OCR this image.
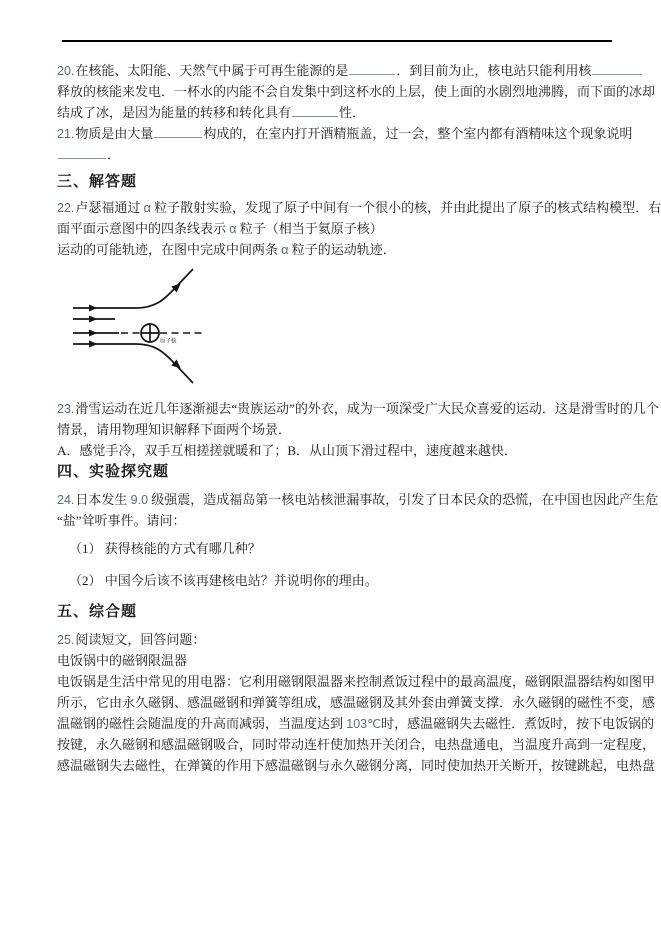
20.在核能、太阳能、天然气中属于可再生能源的是	．到目前为止，核电站只能利用核
释放的核能来发电．一杯水的内能不会自发集中到这杯水的上层，使上面的水剧烈地沸腾，而下面的冰却
结成了冰，是因为能量的转移和转化具有	性．
21.物质是由大量	构成的，在室内打开酒精瓶盖，过一会，整个室内都有酒精味这个现象说明
．
三、解答题
22.卢瑟福通过 α 粒子散射实验，发现了原子中间有一个很小的核，并由此提出了原子的核式结构模型．右
面平面示意图中的四条线表示 α 粒子（相当于氦原子核）
运动的可能轨迹，在图中完成中间两条 α 粒子的运动轨迹．
原子核
23.滑雪运动在近几年逐渐褪去“贵族运动”的外衣，成为一项深受广大民众喜爱的运动．这是滑雪时的几个
情景，请用物理知识解释下面两个场景．
A．感觉手冷，双手互相搓搓就暖和了；B．从山顶下滑过程中，速度越来越快．
四、实验探究题
24.日本发生 9.0 级强震，造成福岛第一核电站核泄漏事故，引发了日本民众的恐慌，在中国也因此产生危
“盐”耸听事件。请问：
（1） 获得核能的方式有哪几种？
（2） 中国今后该不该再建核电站？并说明你的理由。
五、综合题
25.阅读短文，回答问题：
电饭锅中的磁钢限温器
电饭锅是生活中常见的用电器：它利用磁钢限温器来控制煮饭过程中的最高温度，磁钢限温器结构如图甲
所示，它由永久磁钢、感温磁钢和弹簧等组成，感温磁钢及其外套由弹簧支撑．永久磁钢的磁性不变，感
温磁钢的磁性会随温度的升高而减弱，当温度达到 103℃时，感温磁钢失去磁性．煮饭时，按下电饭锅的
按键，永久磁钢和感温磁钢吸合，同时带动连杆使加热开关闭合，电热盘通电，当温度升高到一定程度，
感温磁钢失去磁性，在弹簧的作用下感温磁钢与永久磁钢分离，同时使加热开关断开，按键跳起，电热盘
